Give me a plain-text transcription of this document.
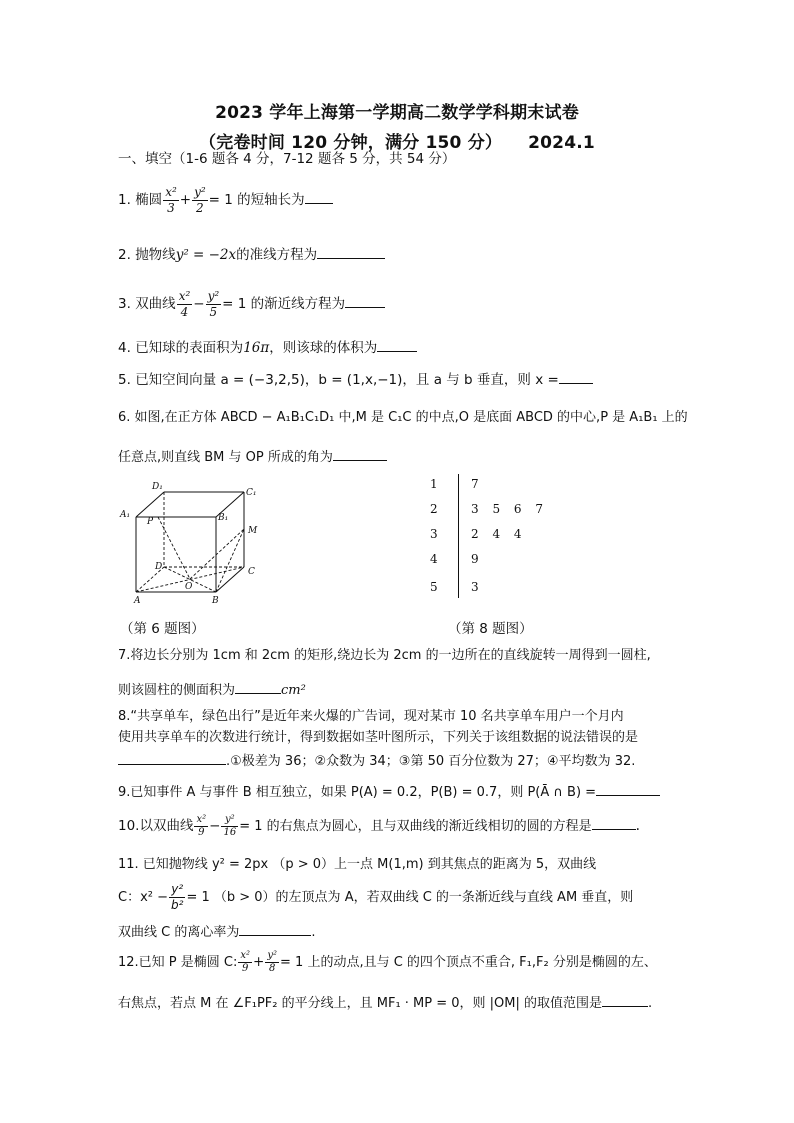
2023 学年上海第一学期高二数学学科期末试卷
（完卷时间 120 分钟，满分 150 分） 2024.1
一、填空（1-6 题各 4 分，7-12 题各 5 分，共 54 分）
1. 椭圆 $\frac{\text{x²}}{3} + \frac{\text{y²}}{2} = 1$ 的短轴长为
2. 抛物线y² = −2x的准线方程为
3. 双曲线 $\frac{\text{x²}}{4} - \frac{\text{y²}}{5} = 1$ 的渐近线方程为
4. 已知球的表面积为16π，则该球的体积为
5. 已知空间向量 a = (−3,2,5)，b = (1,x,−1)，且 a 与 b 垂直，则 x =
6. 如图,在正方体 ABCD − A₁B₁C₁D₁ 中,M 是 C₁C 的中点,O 是底面 ABCD 的中心,P 是 A₁B₁ 上的
任意点,则直线 BM 与 OP 所成的角为
D₁
C₁
A₁	B₁
P
M
D	C
O
A	B
1	7
2	3 5 6 7
3	2 4 4
4	9
5	3
（第 6 题图）	（第 8 题图）
7.将边长分别为 1cm 和 2cm 的矩形,绕边长为 2cm 的一边所在的直线旋转一周得到一圆柱,
则该圆柱的侧面积为	cm²
8.“共享单车，绿色出行”是近年来火爆的广告词，现对某市 10 名共享单车用户一个月内
使用共享单车的次数进行统计，得到数据如茎叶图所示，下列关于该组数据的说法错误的是
.①极差为 36；②众数为 34；③第 50 百分位数为 27；④平均数为 32.
9.已知事件 A 与事件 B 相互独立，如果 P(A) = 0.2，P(B) = 0.7，则 P(Ā ∩ B) =
10.以双曲线 $\frac{\text{x²}}{9} - \frac{\text{y²}}{16} = 1$ 的右焦点为圆心，且与双曲线的渐近线相切的圆的方程是	.
11. 已知抛物线 y² = 2px （p > 0）上一点 M(1,m) 到其焦点的距离为 5，双曲线
C：$x^2 - \frac{\text{y²}}{\text{b²}} = 1$ （b > 0）的左顶点为 A，若双曲线 C 的一条渐近线与直线 AM 垂直，则
双曲线 C 的离心率为	.
12.已知 P 是椭圆 C: $\frac{\text{x²}}{9} + \frac{\text{y²}}{8} = 1$ 上的动点,且与 C 的四个顶点不重合, F₁,F₂ 分别是椭圆的左、
右焦点，若点 M 在 ∠F₁PF₂ 的平分线上，且 MF₁ · MP = 0，则 |OM| 的取值范围是	.
